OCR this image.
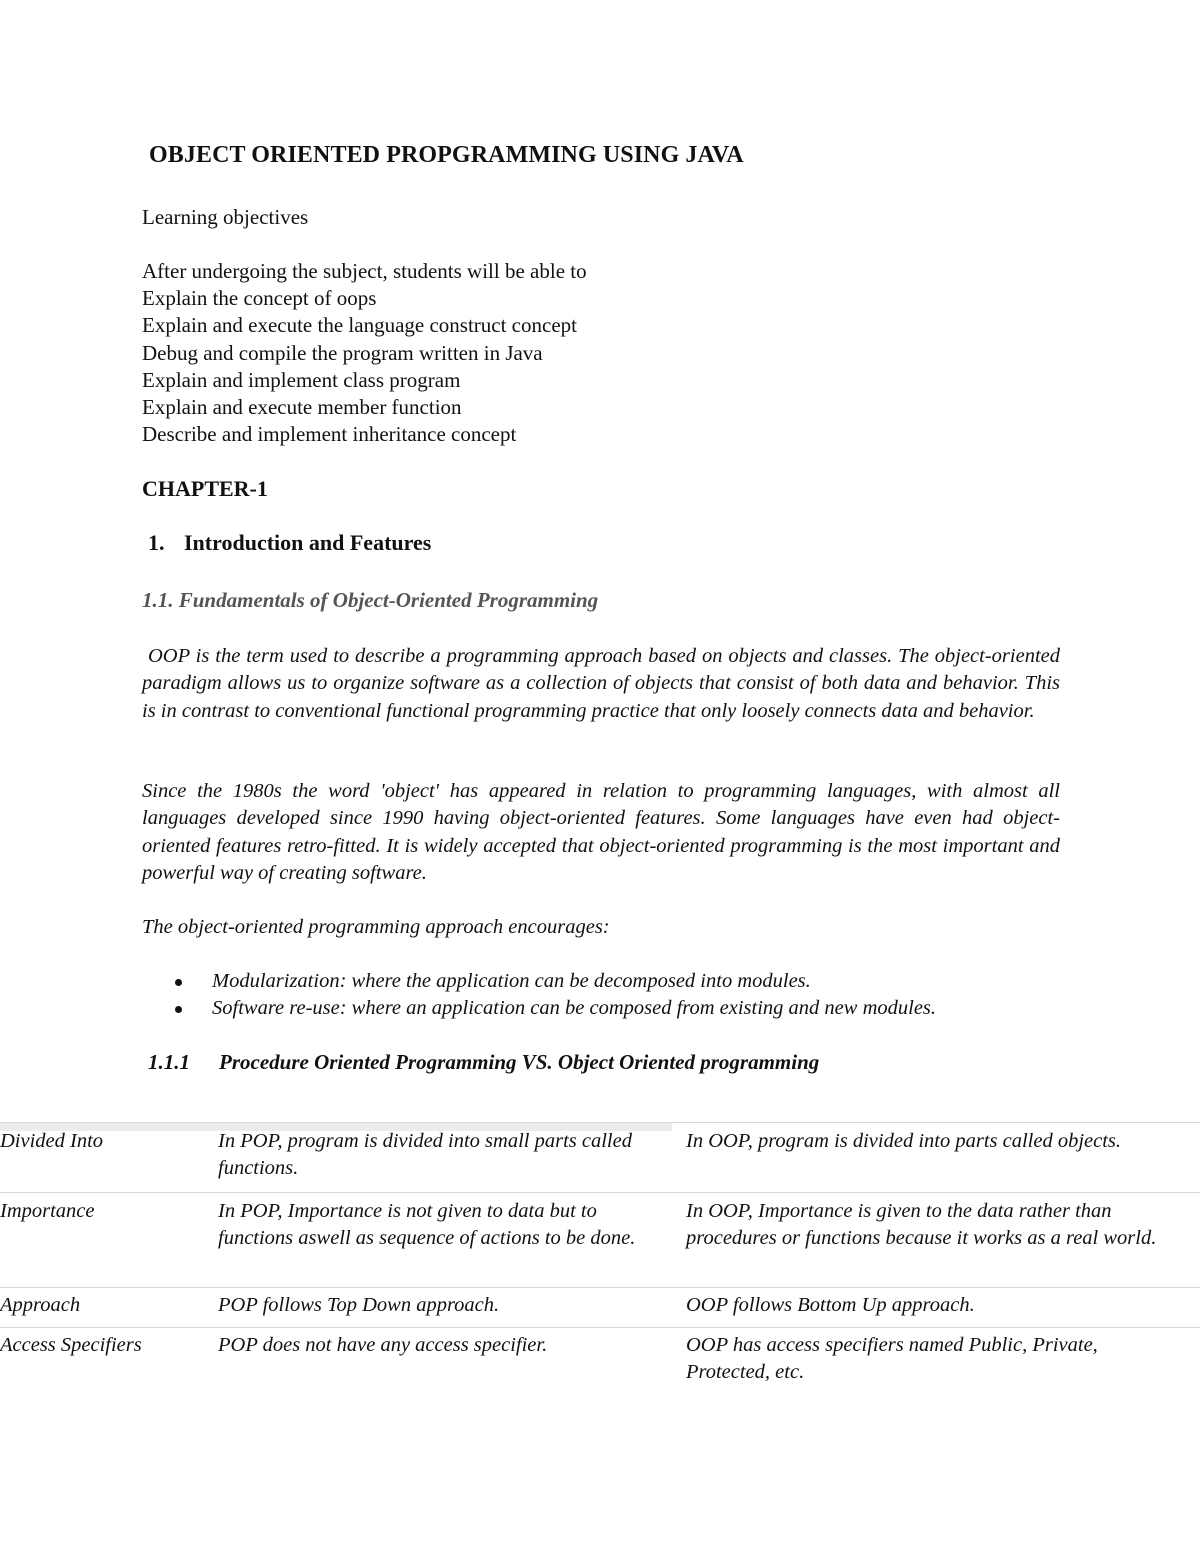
OBJECT ORIENTED PROPGRAMMING USING JAVA

Learning objectives

After undergoing the subject, students will be able to
Explain the concept of oops
Explain and execute the language construct concept
Debug and compile the program written in Java
Explain and implement class program
Explain and execute member function
Describe and implement inheritance concept
CHAPTER-1
1. Introduction and Features
1.1. Fundamentals of Object-Oriented Programming

OOP is the term used to describe a programming approach based on objects and classes. The object-oriented paradigm allows us to organize software as a collection of objects that consist of both data and behavior. This is in contrast to conventional functional programming practice that only loosely connects data and behavior.

Since the 1980s the word 'object' has appeared in relation to programming languages, with almost all languages developed since 1990 having object-oriented features. Some languages have even had object-oriented features retro-fitted. It is widely accepted that object-oriented programming is the most important and powerful way of creating software.

The object-oriented programming approach encourages:

Modularization: where the application can be decomposed into modules.
Software re-use: where an application can be composed from existing and new modules.
1.1.1 Procedure Oriented Programming VS. Object Oriented programming
Divided Into	In POP, program is divided into small parts called functions.	In OOP, program is divided into parts called objects.

Importance	In POP, Importance is not given to data but to functions aswell as sequence of actions to be done.	In OOP, Importance is given to the data rather than procedures or functions because it works as a real world.

Approach	POP follows Top Down approach.	OOP follows Bottom Up approach.

Access Specifiers	POP does not have any access specifier.	OOP has access specifiers named Public, Private, Protected, etc.
